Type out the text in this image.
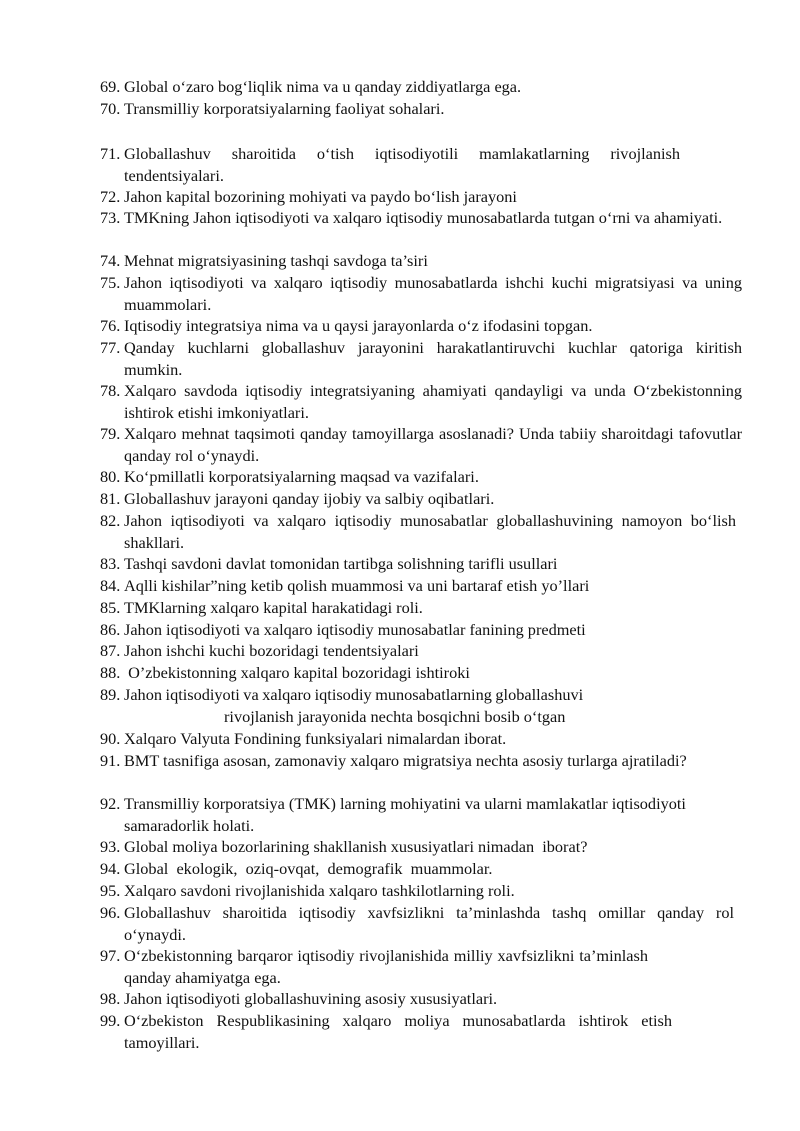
69. Global o‘zaro bog‘liqlik nima va u qanday ziddiyatlarga ega.
70. Transmilliy korporatsiyalarning faoliyat sohalari.
71. Globallashuv sharoitida o‘tish iqtisodiyotili mamlakatlarning rivojlanish tendentsiyalari.
72. Jahon kapital bozorining mohiyati va paydo bo‘lish jarayoni
73. TMKning Jahon iqtisodiyoti va xalqaro iqtisodiy munosabatlarda tutgan o‘rni va ahamiyati.
74. Mehnat migratsiyasining tashqi savdoga ta’siri
75. Jahon iqtisodiyoti va xalqaro iqtisodiy munosabatlarda ishchi kuchi migratsiyasi va uning muammolari.
76. Iqtisodiy integratsiya nima va u qaysi jarayonlarda o‘z ifodasini topgan.
77. Qanday kuchlarni globallashuv jarayonini harakatlantiruvchi kuchlar qatoriga kiritish mumkin.
78. Xalqaro savdoda iqtisodiy integratsiyaning ahamiyati qandayligi va unda O‘zbekistonning ishtirok etishi imkoniyatlari.
79. Xalqaro mehnat taqsimoti qanday tamoyillarga asoslanadi? Unda tabiiy sharoitdagi tafovutlar qanday rol o‘ynaydi.
80. Ko‘pmillatli korporatsiyalarning maqsad va vazifalari.
81. Globallashuv jarayoni qanday ijobiy va salbiy oqibatlari.
82. Jahon iqtisodiyoti va xalqaro iqtisodiy munosabatlar globallashuvining namoyon bo‘lish shakllari.
83. Tashqi savdoni davlat tomonidan tartibga solishning tarifli usullari
84. Aqlli kishilar”ning ketib qolish muammosi va uni bartaraf etish yo’llari
85. TMKlarning xalqaro kapital harakatidagi roli.
86. Jahon iqtisodiyoti va xalqaro iqtisodiy munosabatlar fanining predmeti
87. Jahon ishchi kuchi bozoridagi tendentsiyalari
88. O’zbekistonning xalqaro kapital bozoridagi ishtiroki
89. Jahon iqtisodiyoti va xalqaro iqtisodiy munosabatlarning globallashuvi
rivojlanish jarayonida nechta bosqichni bosib o‘tgan
90. Xalqaro Valyuta Fondining funksiyalari nimalardan iborat.
91. BMT tasnifiga asosan, zamonaviy xalqaro migratsiya nechta asosiy turlarga ajratiladi?
92. Transmilliy korporatsiya (TMK) larning mohiyatini va ularni mamlakatlar iqtisodiyoti samaradorlik holati.
93. Global moliya bozorlarining shakllanish xususiyatlari nimadan  iborat?
94. Global  ekologik,  oziq-ovqat,  demografik  muammolar.
95. Xalqaro savdoni rivojlanishida xalqaro tashkilotlarning roli.
96. Globallashuv sharoitida iqtisodiy xavfsizlikni ta’minlashda tashq omillar qanday rol o‘ynaydi.
97. O‘zbekistonning barqaror iqtisodiy rivojlanishida milliy xavfsizlikni ta’minlash qanday ahamiyatga ega.
98. Jahon iqtisodiyoti globallashuvining asosiy xususiyatlari.
99. O‘zbekiston Respublikasining xalqaro moliya munosabatlarda ishtirok etish tamoyillari.
